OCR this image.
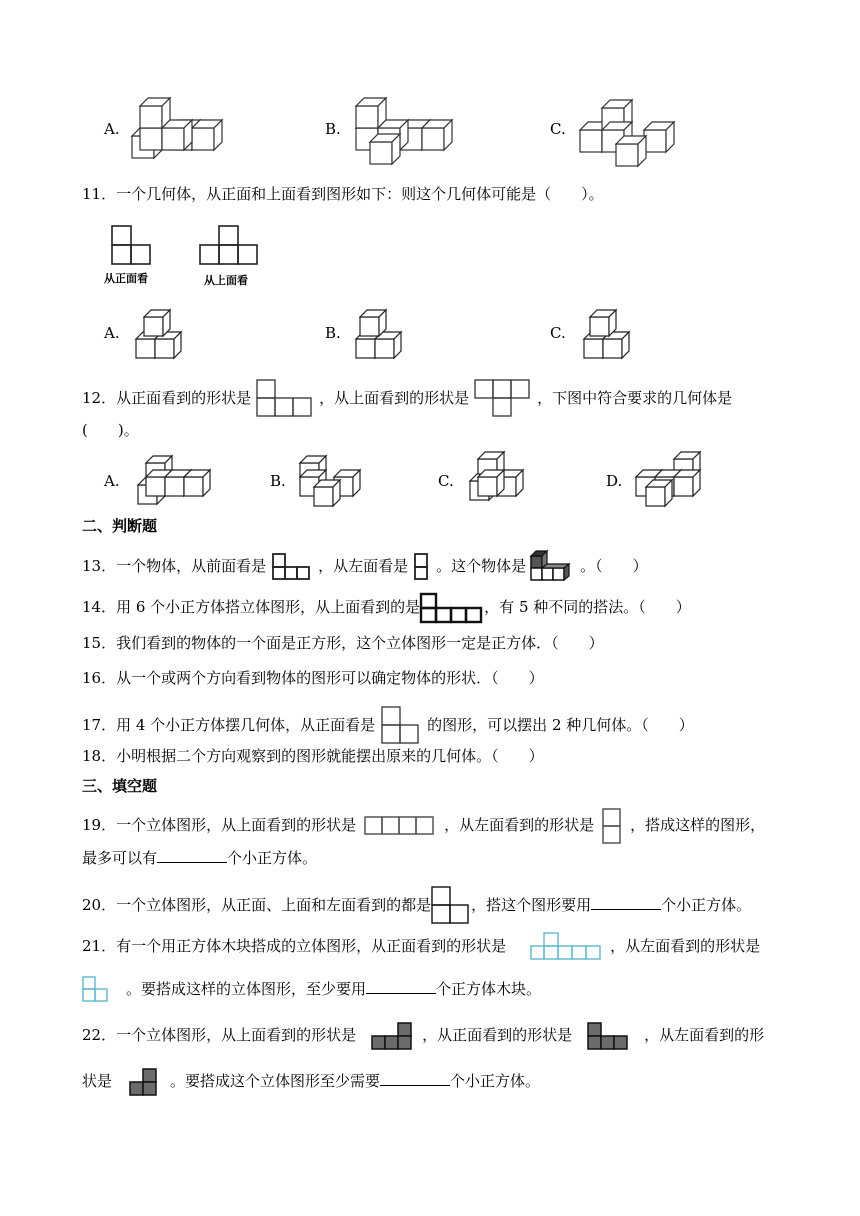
A.	B.	C.
11．一个几何体，从正面和上面看到图形如下：则这个几何体可能是（　　）。
从正面看	从上面看
A.	B.	C.
12．从正面看到的形状是	，从上面看到的形状是	，下图中符合要求的几何体是
(　　)。
A.	B.	C.	D.
二、判断题
13．一个物体，从前面看是	，从左面看是 。这个物体是	。（　　）
14．用 6 个小正方体搭立体图形，从上面看到的是	，有 5 种不同的搭法。（　　）
15．我们看到的物体的一个面是正方形，这个立体图形一定是正方体．（　　）
16．从一个或两个方向看到物体的图形可以确定物体的形状．（　　）
17．用 4 个小正方体摆几何体，从正面看是	的图形，可以摆出 2 种几何体。（　　）
18．小明根据二个方向观察到的图形就能摆出原来的几何体。（　　）
三、填空题
19．一个立体图形，从上面看到的形状是	，从左面看到的形状是 ，搭成这样的图形，
最多可以有	个小正方体。
20．一个立体图形，从正面、上面和左面看到的都是	，搭这个图形要用	个小正方体。
21．有一个用正方体木块搭成的立体图形，从正面看到的形状是	，从左面看到的形状是
。要搭成这样的立体图形，至少要用	个正方体木块。
22．一个立体图形，从上面看到的形状是	，从正面看到的形状是	，从左面看到的形
状是	。要搭成这个立体图形至少需要	个小正方体。
